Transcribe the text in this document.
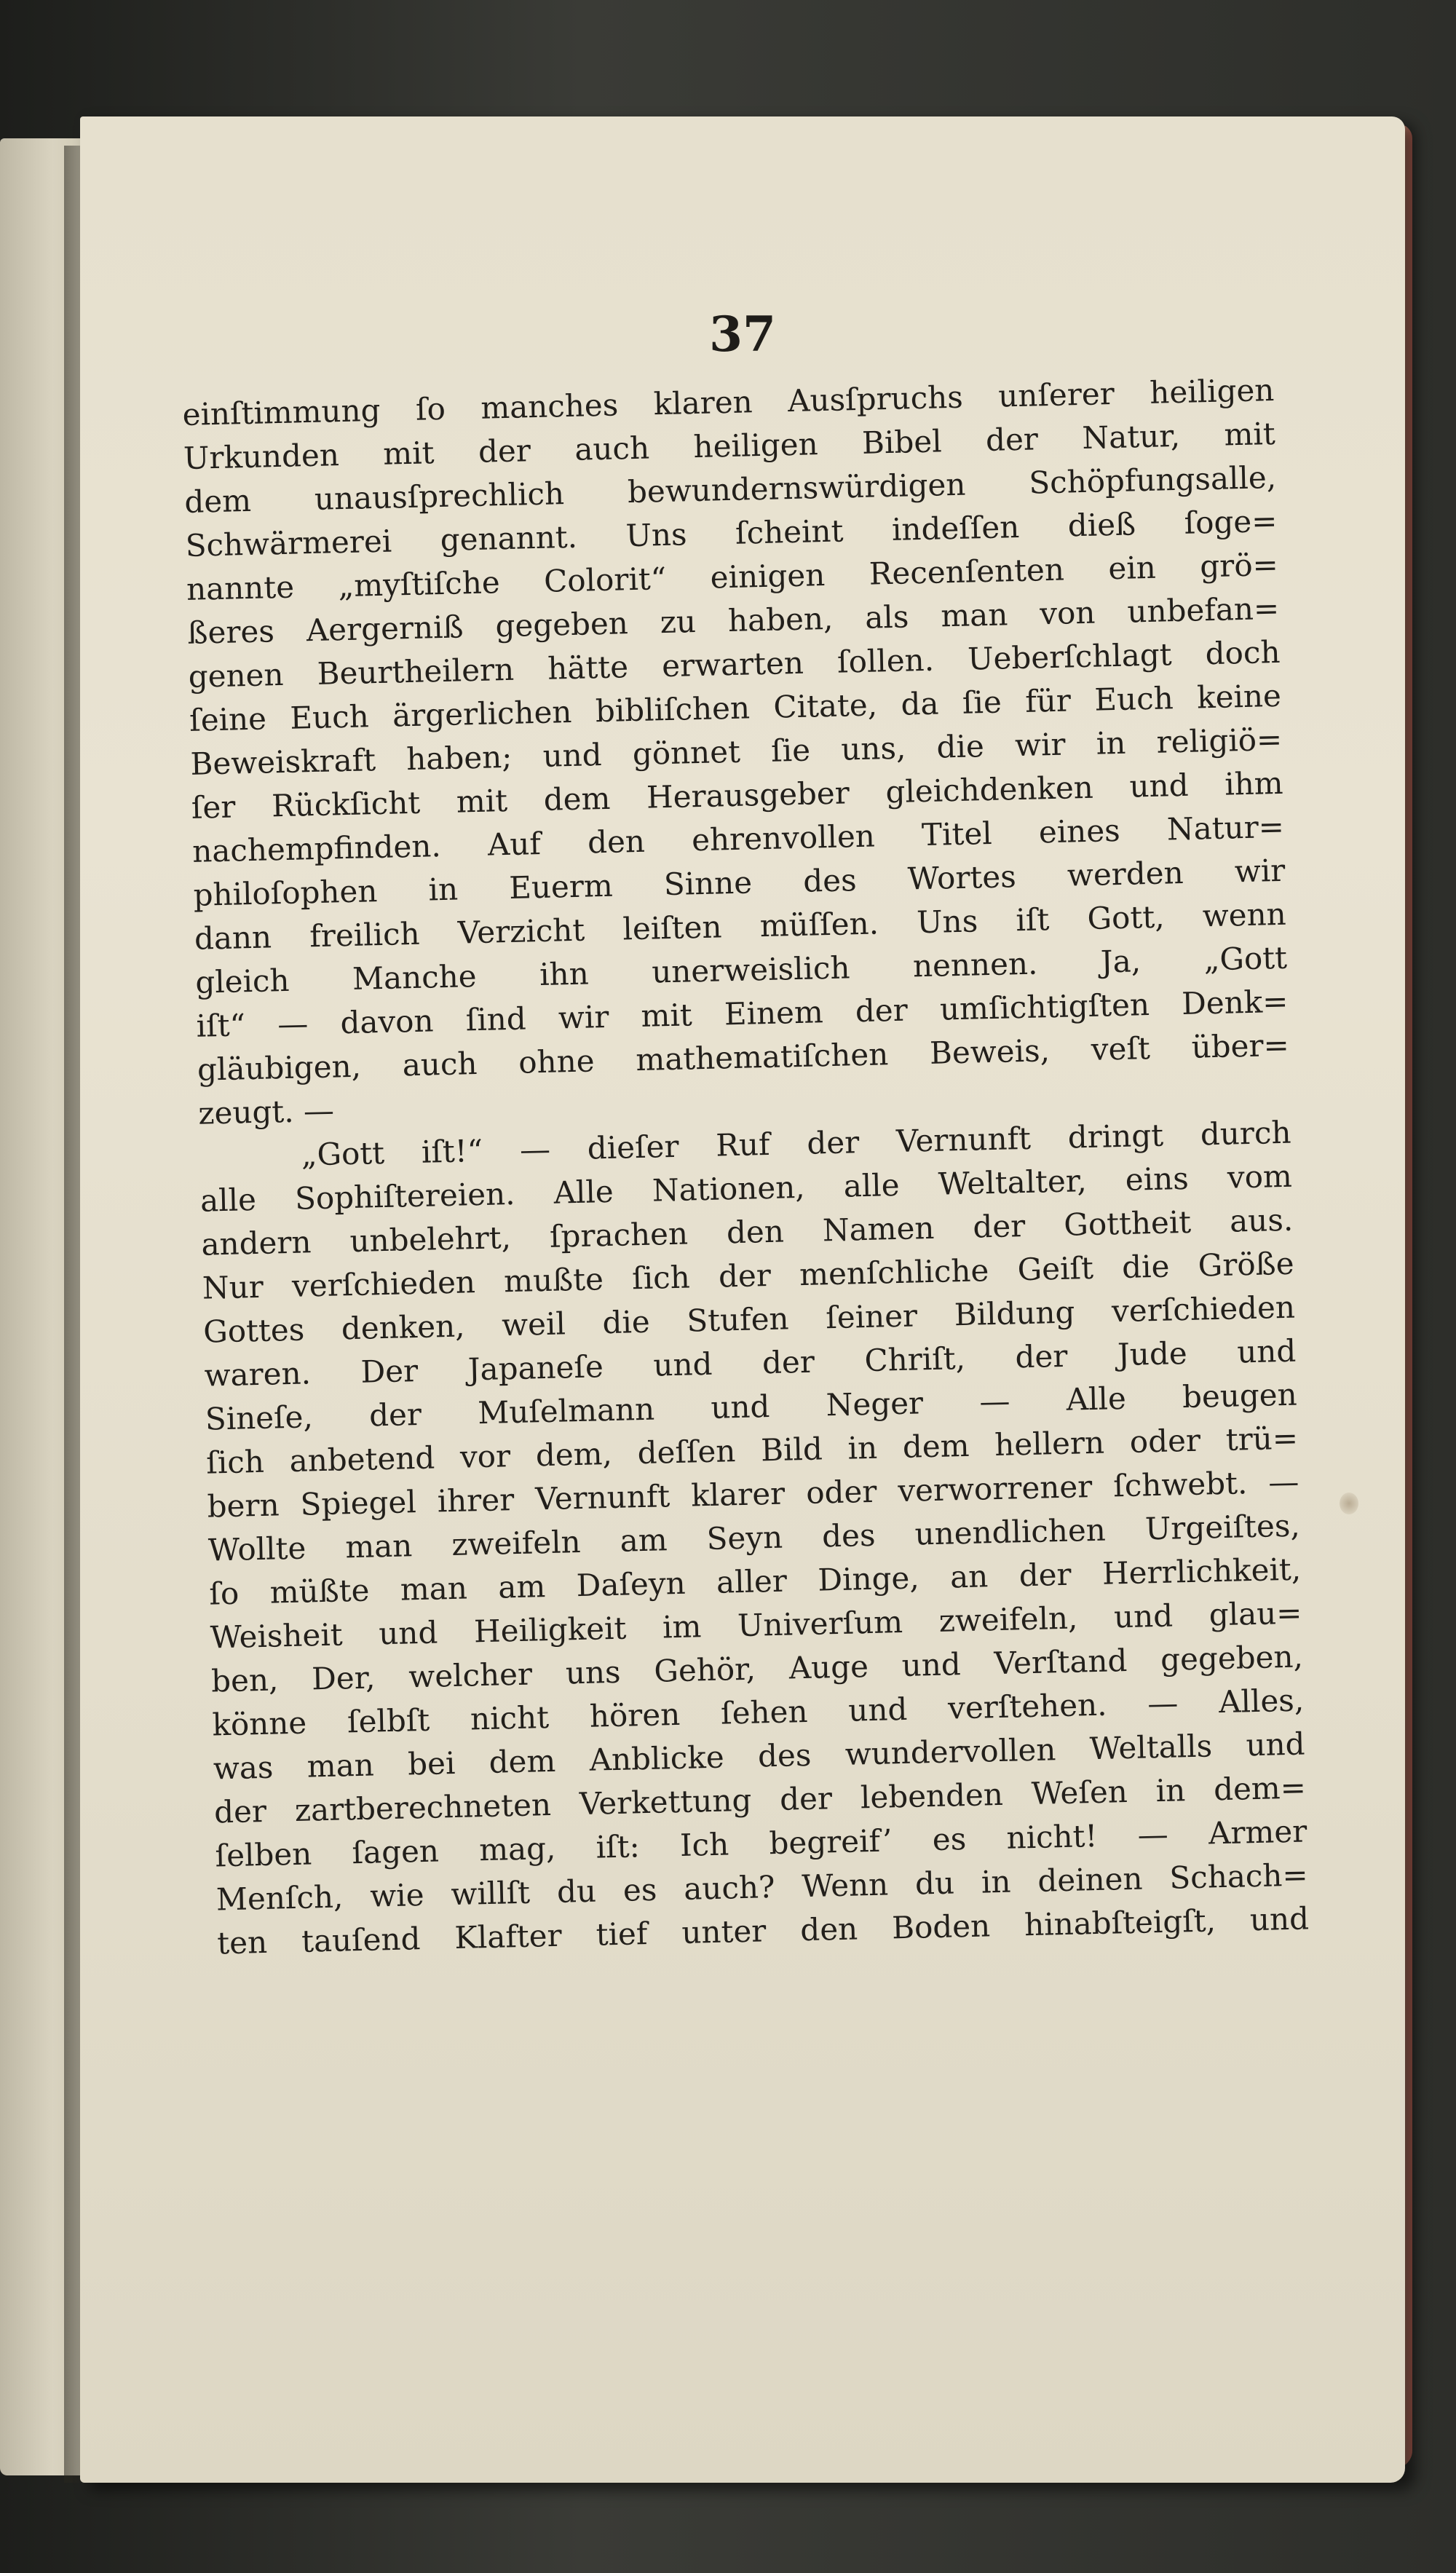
37
einſtimmung ſo manches klaren Ausſpruchs unſerer heiligen
Urkunden mit der auch heiligen Bibel der Natur, mit
dem unausſprechlich bewundernswürdigen Schöpfungsalle,
Schwärmerei genannt. Uns ſcheint indeſſen dieß ſoge=
nannte „myſtiſche Colorit“ einigen Recenſenten ein grö=
ßeres Aergerniß gegeben zu haben, als man von unbefan=
genen Beurtheilern hätte erwarten ſollen. Ueberſchlagt doch
ſeine Euch ärgerlichen bibliſchen Citate, da ſie für Euch keine
Beweiskraft haben; und gönnet ſie uns, die wir in religiö=
ſer Rückſicht mit dem Herausgeber gleichdenken und ihm
nachempfinden. Auf den ehrenvollen Titel eines Natur=
philoſophen in Euerm Sinne des Wortes werden wir
dann freilich Verzicht leiſten müſſen. Uns iſt Gott, wenn
gleich Manche ihn unerweislich nennen. Ja, „Gott
iſt“ — davon ſind wir mit Einem der umſichtigſten Denk=
gläubigen, auch ohne mathematiſchen Beweis, veſt über=
zeugt. —
„Gott iſt!“ — dieſer Ruf der Vernunft dringt durch
alle Sophiſtereien. Alle Nationen, alle Weltalter, eins vom
andern unbelehrt, ſprachen den Namen der Gottheit aus.
Nur verſchieden mußte ſich der menſchliche Geiſt die Größe
Gottes denken, weil die Stufen ſeiner Bildung verſchieden
waren. Der Japaneſe und der Chriſt, der Jude und
Sineſe, der Muſelmann und Neger — Alle beugen
ſich anbetend vor dem, deſſen Bild in dem hellern oder trü=
bern Spiegel ihrer Vernunft klarer oder verworrener ſchwebt. —
Wollte man zweifeln am Seyn des unendlichen Urgeiſtes,
ſo müßte man am Daſeyn aller Dinge, an der Herrlichkeit,
Weisheit und Heiligkeit im Univerſum zweifeln, und glau=
ben, Der, welcher uns Gehör, Auge und Verſtand gegeben,
könne ſelbſt nicht hören ſehen und verſtehen. — Alles,
was man bei dem Anblicke des wundervollen Weltalls und
der zartberechneten Verkettung der lebenden Weſen in dem=
ſelben ſagen mag, iſt: Ich begreif’ es nicht! — Armer
Menſch, wie willſt du es auch? Wenn du in deinen Schach=
ten tauſend Klafter tief unter den Boden hinabſteigſt, und
